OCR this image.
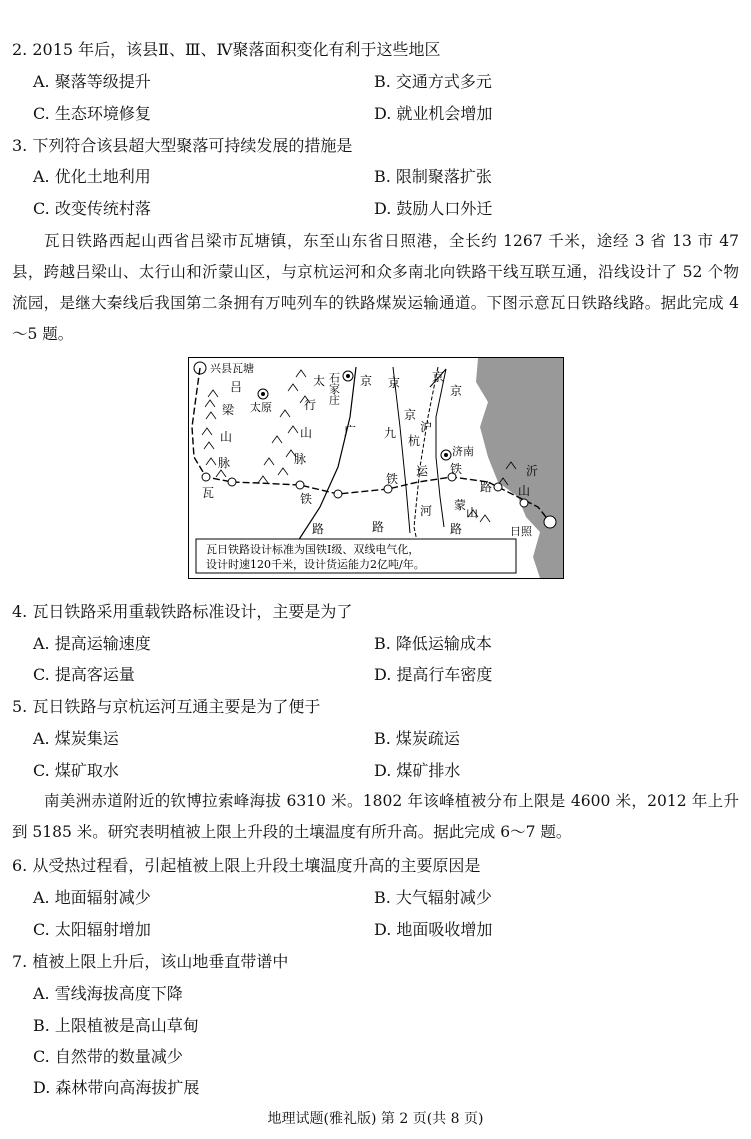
2. 2015 年后，该县Ⅱ、Ⅲ、Ⅳ聚落面积变化有利于这些地区
A. 聚落等级提升	B. 交通方式多元
C. 生态环境修复	D. 就业机会增加
3. 下列符合该县超大型聚落可持续发展的措施是
A. 优化土地利用	B. 限制聚落扩张
C. 改变传统村落	D. 鼓励人口外迁
瓦日铁路西起山西省吕梁市瓦塘镇，东至山东省日照港，全长约 1267 千米，途经 3 省 13 市 47 县，跨越吕梁山、太行山和沂蒙山区，与京杭运河和众多南北向铁路干线互联互通，沿线设计了 52 个物流园，是继大秦线后我国第二条拥有万吨列车的铁路煤炭运输通道。下图示意瓦日铁路线路。据此完成 4～5 题。
兴县瓦塘
吕
梁
山
脉
太原
太
行
山
脉
石家庄
瓦
京
广
铁
路
京
九
铁
路
京
杭
运
河
京
沪
铁
路
京
济南
路
沂
山
蒙
山
日照
瓦日铁路设计标准为国铁Ⅰ级、双线电气化，
设计时速120千米，设计货运能力2亿吨/年。
4. 瓦日铁路采用重载铁路标准设计，主要是为了
A. 提高运输速度	B. 降低运输成本
C. 提高客运量	D. 提高行车密度
5. 瓦日铁路与京杭运河互通主要是为了便于
A. 煤炭集运	B. 煤炭疏运
C. 煤矿取水	D. 煤矿排水
南美洲赤道附近的钦博拉索峰海拔 6310 米。1802 年该峰植被分布上限是 4600 米，2012 年上升到 5185 米。研究表明植被上限上升段的土壤温度有所升高。据此完成 6～7 题。
6. 从受热过程看，引起植被上限上升段土壤温度升高的主要原因是
A. 地面辐射减少	B. 大气辐射减少
C. 太阳辐射增加	D. 地面吸收增加
7. 植被上限上升后，该山地垂直带谱中
A. 雪线海拔高度下降
B. 上限植被是高山草甸
C. 自然带的数量减少
D. 森林带向高海拔扩展
地理试题(雅礼版) 第 2 页(共 8 页)
